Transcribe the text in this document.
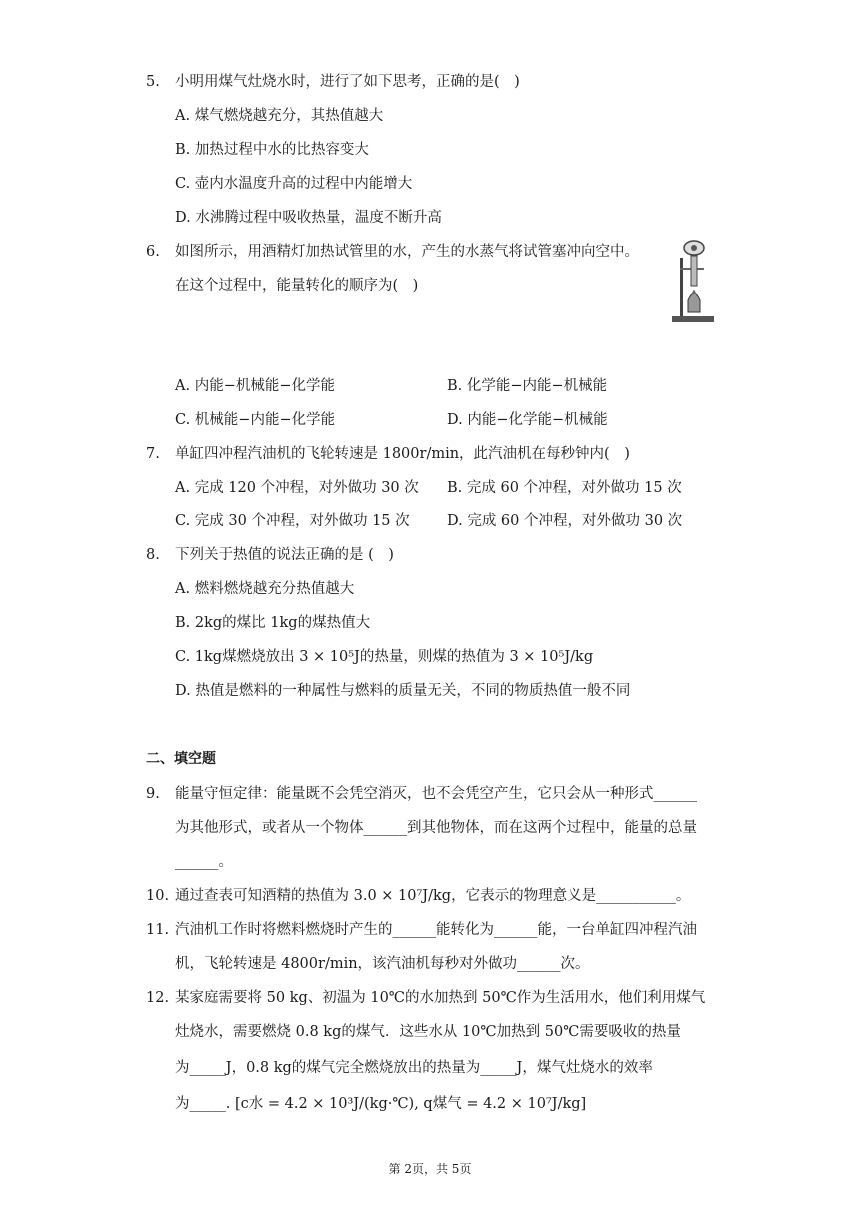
5. 小明用煤气灶烧水时，进行了如下思考，正确的是(　)
A. 煤气燃烧越充分，其热值越大
B. 加热过程中水的比热容变大
C. 壶内水温度升高的过程中内能增大
D. 水沸腾过程中吸收热量，温度不断升高
6. 如图所示，用酒精灯加热试管里的水，产生的水蒸气将试管塞冲向空中。
在这个过程中，能量转化的顺序为(　)
A. 内能−机械能−化学能	B. 化学能−内能−机械能
C. 机械能−内能−化学能	D. 内能−化学能−机械能
7. 单缸四冲程汽油机的飞轮转速是 1800r/min，此汽油机在每秒钟内(　)
A. 完成 120 个冲程，对外做功 30 次 B. 完成 60 个冲程，对外做功 15 次
C. 完成 30 个冲程，对外做功 15 次	D. 完成 60 个冲程，对外做功 30 次
8. 下列关于热值的说法正确的是 (　)
A. 燃料燃烧越充分热值越大
B. 2kg的煤比 1kg的煤热值大
C. 1kg煤燃烧放出 3 × 10⁵J的热量，则煤的热值为 3 × 10⁵J/kg
D. 热值是燃料的一种属性与燃料的质量无关，不同的物质热值一般不同
二、填空题
9. 能量守恒定律：能量既不会凭空消灭，也不会凭空产生，它只会从一种形式______
为其他形式，或者从一个物体______到其他物体，而在这两个过程中，能量的总量
______。
10. 通过查表可知酒精的热值为 3.0 × 10⁷J/kg，它表示的物理意义是___________。
11. 汽油机工作时将燃料燃烧时产生的______能转化为______能，一台单缸四冲程汽油
机，飞轮转速是 4800r/min，该汽油机每秒对外做功______次。
12. 某家庭需要将 50 kg、初温为 10℃的水加热到 50℃作为生活用水，他们利用煤气
灶烧水，需要燃烧 0.8 kg的煤气．这些水从 10℃加热到 50℃需要吸收的热量
为_____J，0.8 kg的煤气完全燃烧放出的热量为_____J，煤气灶烧水的效率
为_____. [c水 = 4.2 × 10³J/(kg·℃), q煤气 = 4.2 × 10⁷J/kg]
第 2页，共 5页
